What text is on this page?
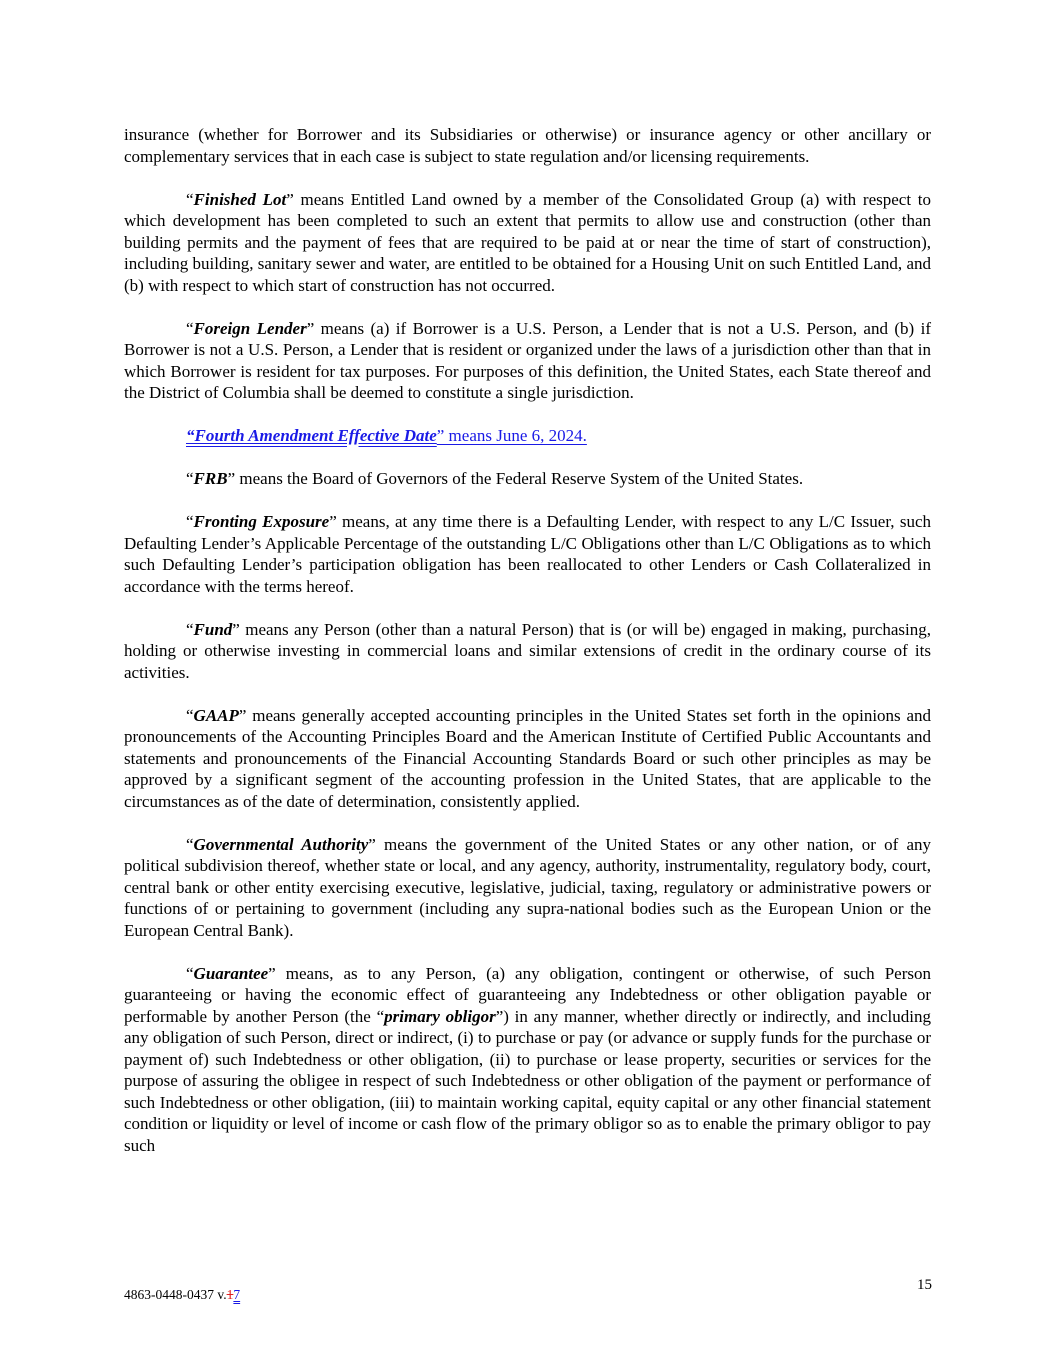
insurance (whether for Borrower and its Subsidiaries or otherwise) or insurance agency or other ancillary or complementary services that in each case is subject to state regulation and/or licensing requirements.

“Finished Lot” means Entitled Land owned by a member of the Consolidated Group (a) with respect to which development has been completed to such an extent that permits to allow use and construction (other than building permits and the payment of fees that are required to be paid at or near the time of start of construction), including building, sanitary sewer and water, are entitled to be obtained for a Housing Unit on such Entitled Land, and (b) with respect to which start of construction has not occurred.

“Foreign Lender” means (a) if Borrower is a U.S. Person, a Lender that is not a U.S. Person, and (b) if Borrower is not a U.S. Person, a Lender that is resident or organized under the laws of a jurisdiction other than that in which Borrower is resident for tax purposes. For purposes of this definition, the United States, each State thereof and the District of Columbia shall be deemed to constitute a single jurisdiction.

“Fourth Amendment Effective Date” means June 6, 2024.

“FRB” means the Board of Governors of the Federal Reserve System of the United States.

“Fronting Exposure” means, at any time there is a Defaulting Lender, with respect to any L/C Issuer, such Defaulting Lender’s Applicable Percentage of the outstanding L/C Obligations other than L/C Obligations as to which such Defaulting Lender’s participation obligation has been reallocated to other Lenders or Cash Collateralized in accordance with the terms hereof.

“Fund” means any Person (other than a natural Person) that is (or will be) engaged in making, purchasing, holding or otherwise investing in commercial loans and similar extensions of credit in the ordinary course of its activities.

“GAAP” means generally accepted accounting principles in the United States set forth in the opinions and pronouncements of the Accounting Principles Board and the American Institute of Certified Public Accountants and statements and pronouncements of the Financial Accounting Standards Board or such other principles as may be approved by a significant segment of the accounting profession in the United States, that are applicable to the circumstances as of the date of determination, consistently applied.

“Governmental Authority” means the government of the United States or any other nation, or of any political subdivision thereof, whether state or local, and any agency, authority, instrumentality, regulatory body, court, central bank or other entity exercising executive, legislative, judicial, taxing, regulatory or administrative powers or functions of or pertaining to government (including any supra-national bodies such as the European Union or the European Central Bank).

“Guarantee” means, as to any Person, (a) any obligation, contingent or otherwise, of such Person guaranteeing or having the economic effect of guaranteeing any Indebtedness or other obligation payable or performable by another Person (the “primary obligor”) in any manner, whether directly or indirectly, and including any obligation of such Person, direct or indirect, (i) to purchase or pay (or advance or supply funds for the purchase or payment of) such Indebtedness or other obligation, (ii) to purchase or lease property, securities or services for the purpose of assuring the obligee in respect of such Indebtedness or other obligation of the payment or performance of such Indebtedness or other obligation, (iii) to maintain working capital, equity capital or any other financial statement condition or liquidity or level of income or cash flow of the primary obligor so as to enable the primary obligor to pay such

4863-0448-0437 v.17
15
